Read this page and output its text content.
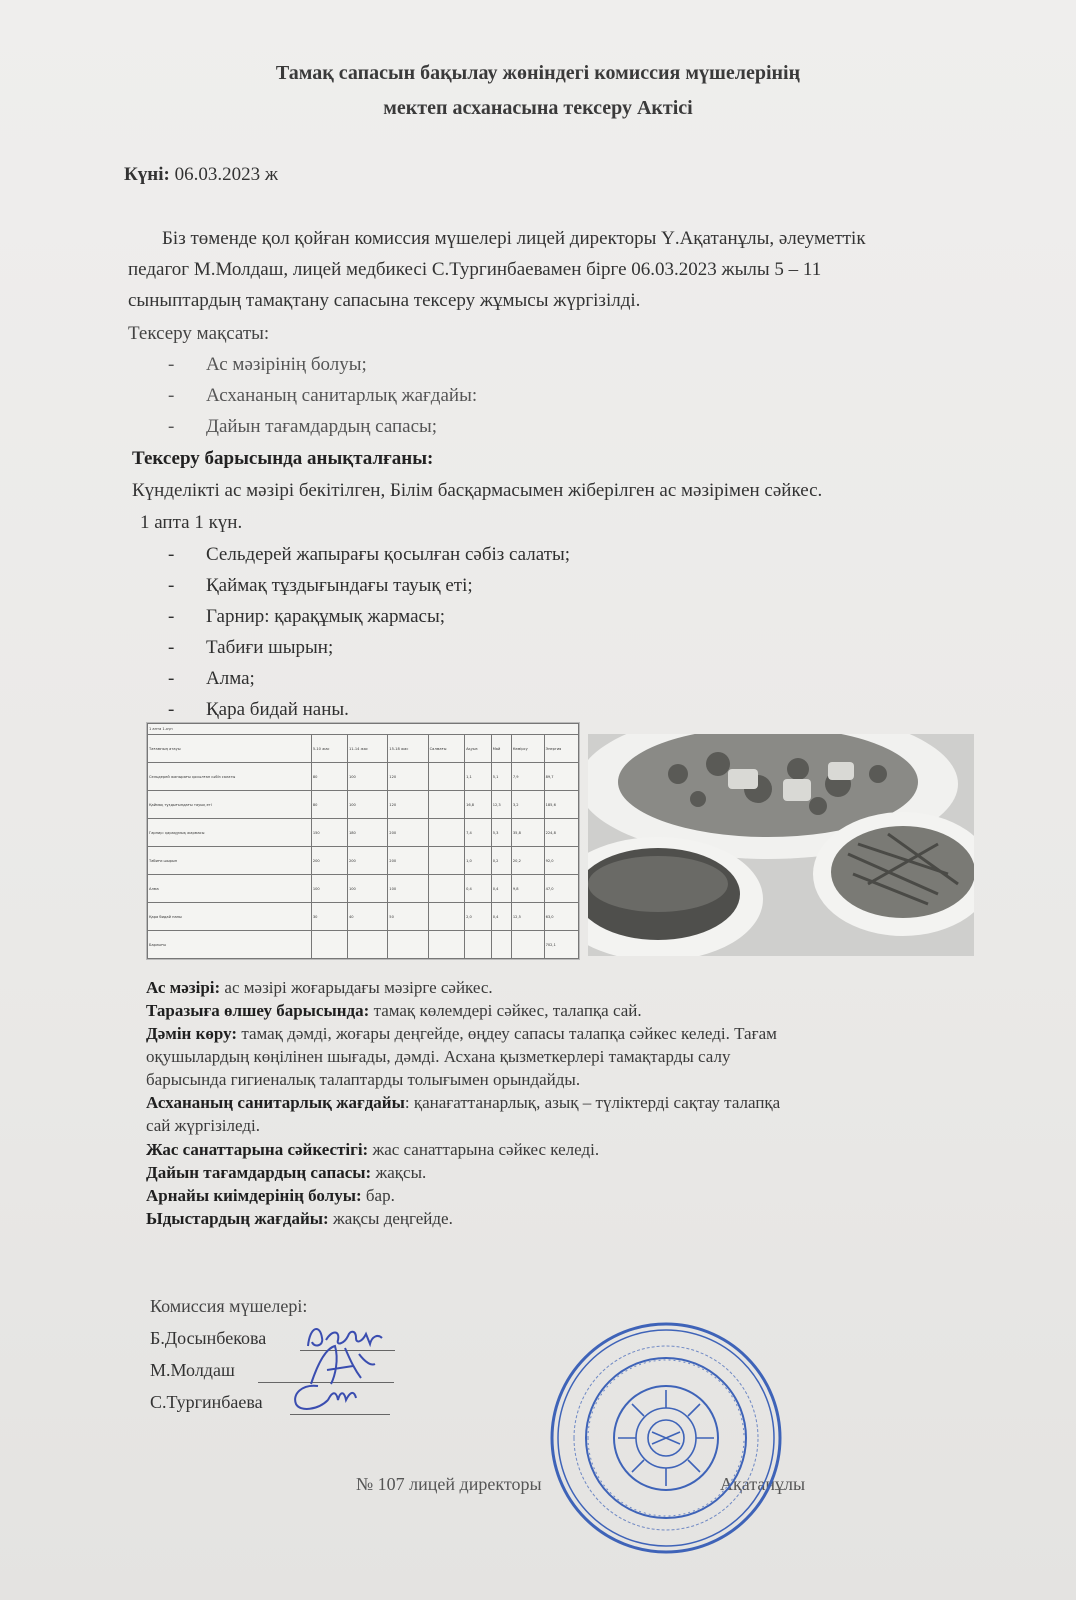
Тамақ сапасын бақылау жөніндегі комиссия мүшелерінің
мектеп асханасына тексеру Актісі
Күні: 06.03.2023 ж
Біз төменде қол қойған комиссия мүшелері лицей директоры Ү.Ақатанұлы, әлеуметтік
педагог М.Молдаш, лицей медбикесі С.Тургинбаевамен бірге 06.03.2023 жылы 5 – 11
сыныптардың тамақтану сапасына тексеру жұмысы жүргізілді.
Тексеру мақсаты:
- Ас мәзірінің болуы;
- Асхананың санитарлық жағдайы:
- Дайын тағамдардың сапасы;
Тексеру барысында анықталғаны:
Күнделікті ас мәзірі бекітілген, Білім басқармасымен жіберілген ас мәзірімен сәйкес.
1 апта 1 күн.
- Сельдерей жапырағы қосылған сәбіз салаты;
- Қаймақ тұздығындағы тауық еті;
- Гарнир: қарақұмық жармасы;
- Табиғи шырын;
- Алма;
- Қара бидай наны.
1 апта 1-күн								
Тағамның атауы	5-10 жас	11-14 жас	15-18 жас	Салмағы	Ақуыз	Май	Көмірсу	Энергия
Сельдерей жапырағы қосылған сәбіз салаты	80	100	120		1,1	5,1	7,9	89,7
Қаймақ тұздығындағы тауық еті	80	100	120		16,8	12,3	3,2	185,6
Гарнир: қарақұмық жармасы	150	180	200		7,4	5,3	35,8	224,8
Табиғи шырын	200	200	200		1,0	0,2	20,2	92,0
Алма	100	100	100		0,4	0,4	9,8	47,0
Қара бидай наны	30	40	50		2,0	0,4	12,5	63,0
Барлығы								702,1
Ас мәзірі: ас мәзірі жоғарыдағы мәзірге сәйкес.
Таразыға өлшеу барысында: тамақ көлемдері сәйкес, талапқа сай.
Дәмін көру: тамақ дәмді, жоғары деңгейде, өңдеу сапасы талапқа сәйкес келеді. Тағам
оқушылардың көңілінен шығады, дәмді. Асхана қызметкерлері тамақтарды салу
барысында гигиеналық талаптарды толығымен орындайды.
Асхананың санитарлық жағдайы: қанағаттанарлық, азық – түліктерді сақтау талапқа
сай жүргізіледі.
Жас санаттарына сәйкестігі: жас санаттарына сәйкес келеді.
Дайын тағамдардың сапасы: жақсы.
Арнайы киімдерінің болуы: бар.
Ыдыстардың жағдайы: жақсы деңгейде.
Комиссия мүшелері:
Б.Досынбекова
М.Молдаш
С.Тургинбаева
№ 107 лицей директоры	Ақатанұлы
